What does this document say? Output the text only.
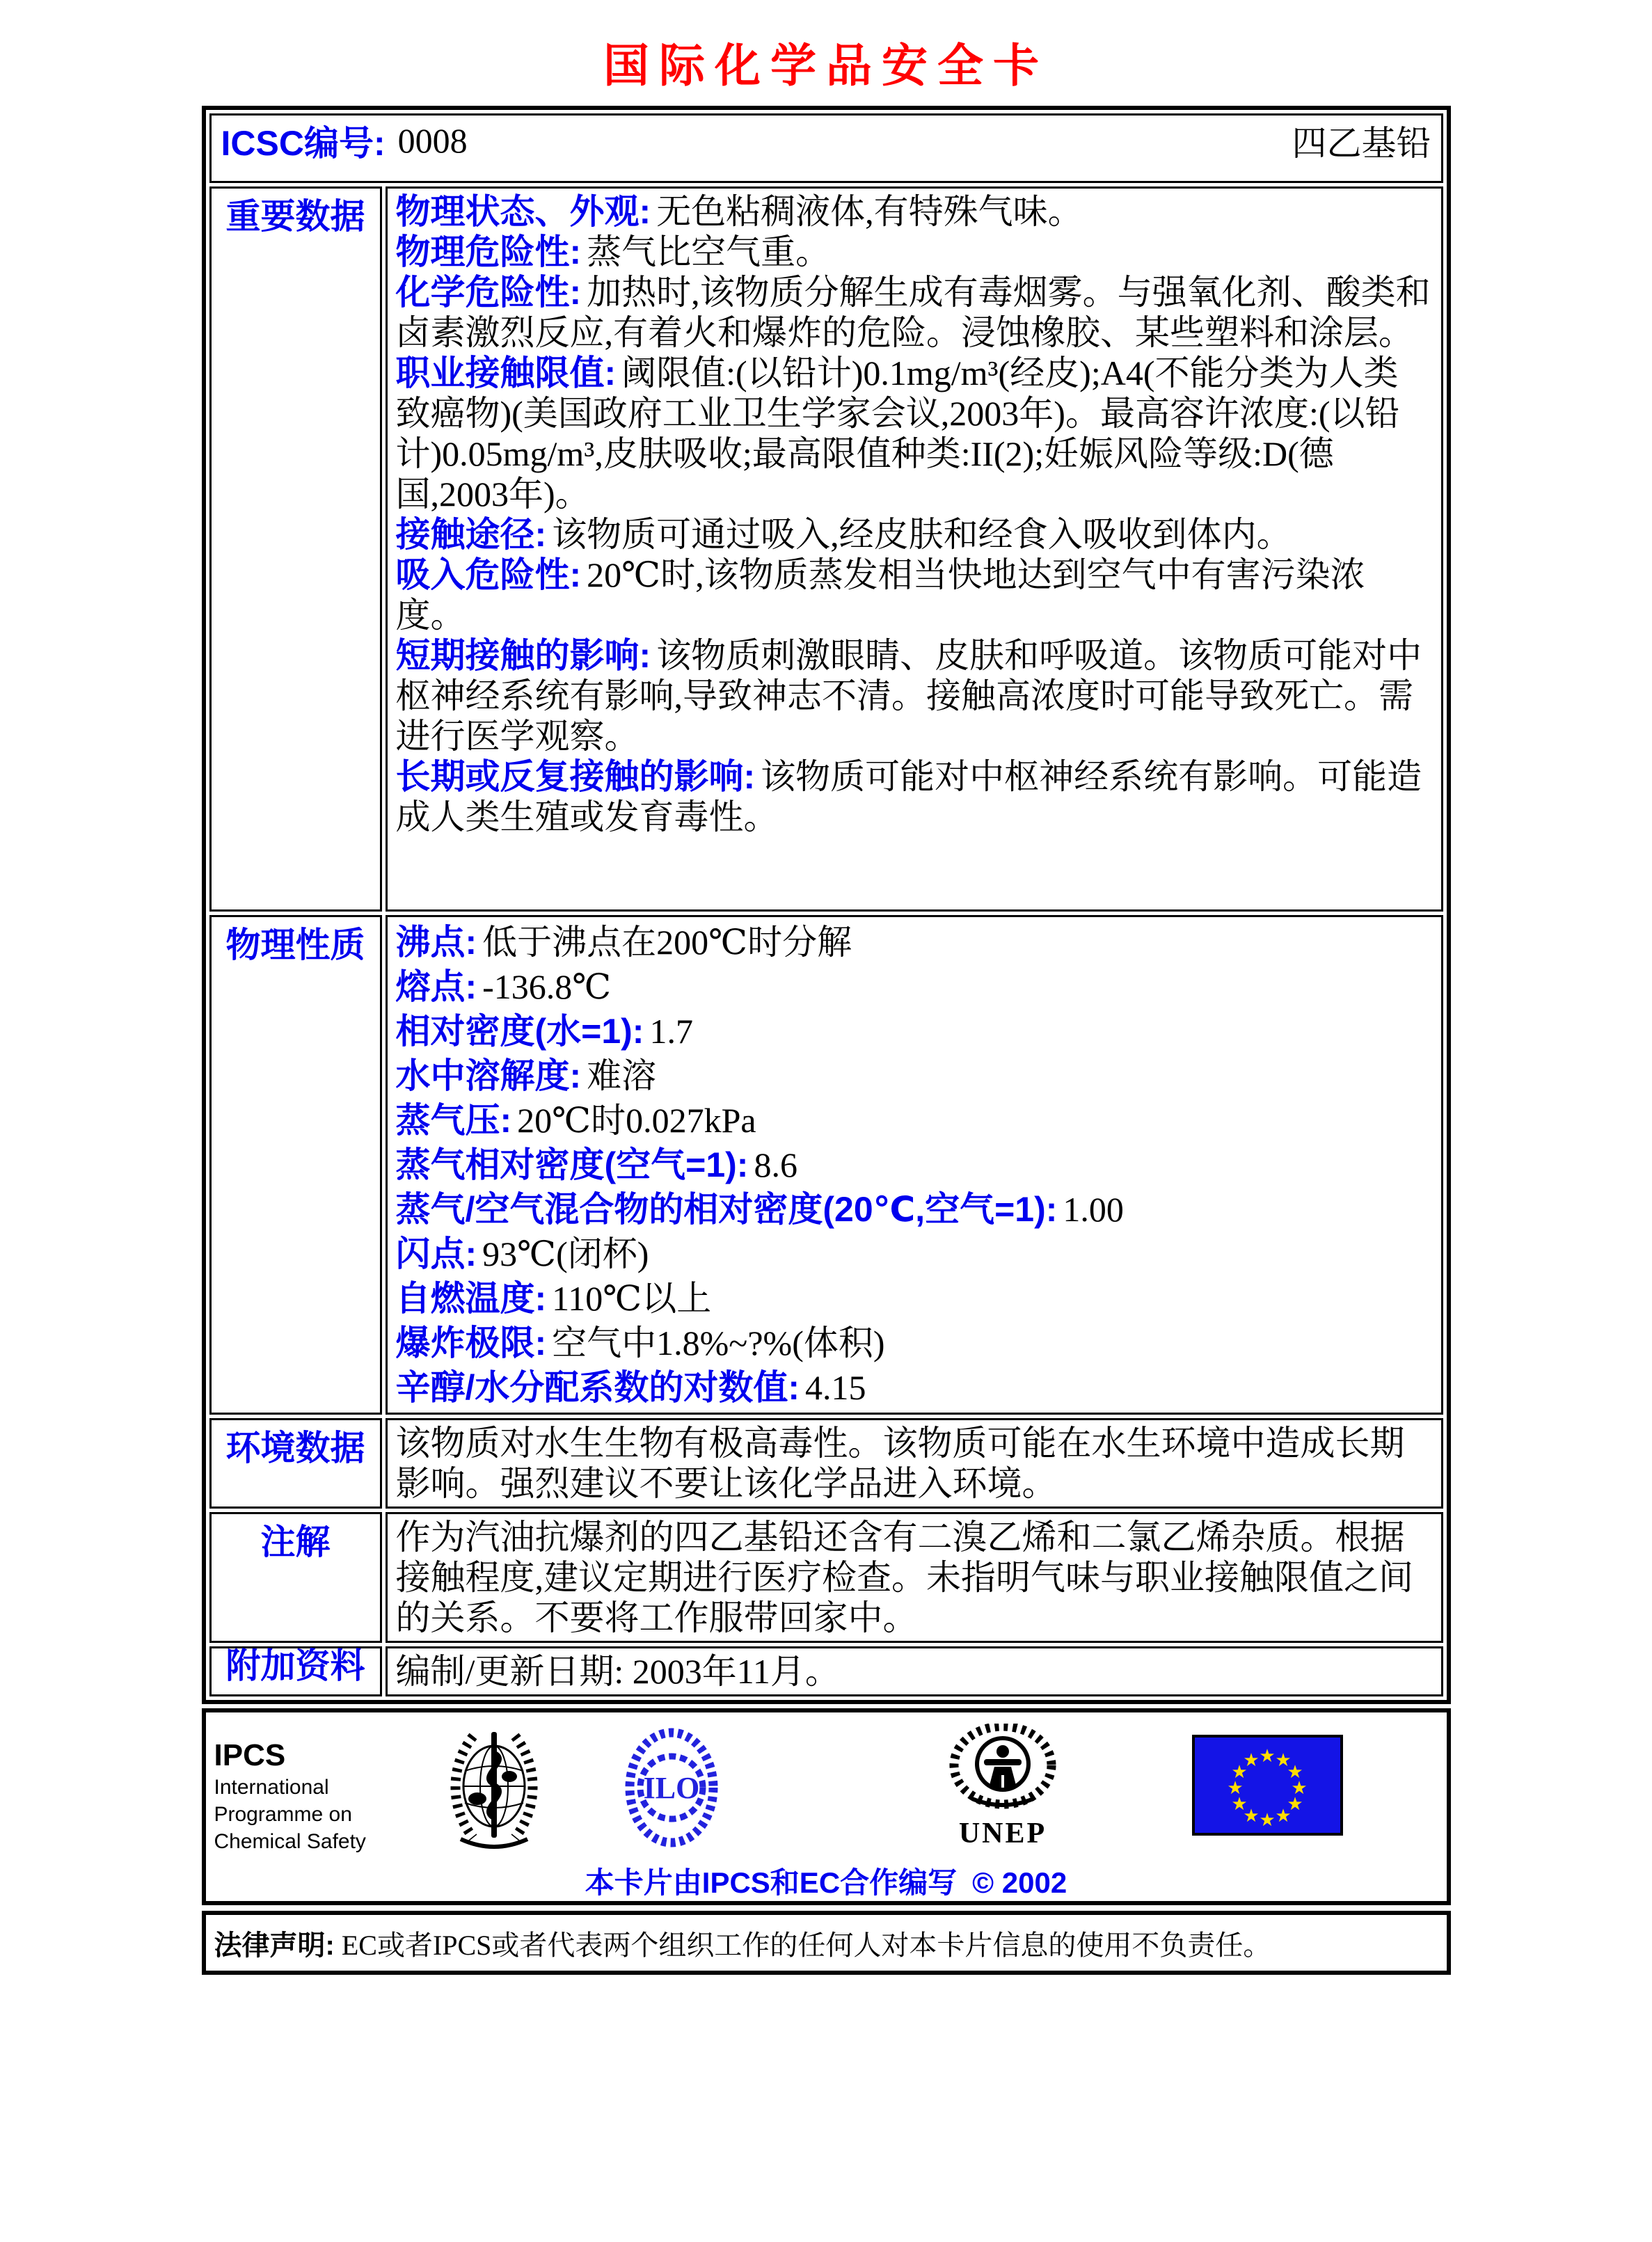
国际化学品安全卡
ICSC编号: 0008 四乙基铅	

重要数据	物理状态、外观: 无色粘稠液体,有特殊气味。
物理危险性: 蒸气比空气重。
化学危险性: 加热时,该物质分解生成有毒烟雾。与强氧化剂、酸类和卤素激烈反应,有着火和爆炸的危险。浸蚀橡胶、某些塑料和涂层。
职业接触限值: 阈限值:(以铅计)0.1mg/m³(经皮);A4(不能分类为人类致癌物)(美国政府工业卫生学家会议,2003年)。最高容许浓度:(以铅计)0.05mg/m³,皮肤吸收;最高限值种类:II(2);妊娠风险等级:D(德国,2003年)。
接触途径: 该物质可通过吸入,经皮肤和经食入吸收到体内。
吸入危险性: 20℃时,该物质蒸发相当快地达到空气中有害污染浓度。
短期接触的影响: 该物质刺激眼睛、皮肤和呼吸道。该物质可能对中枢神经系统有影响,导致神志不清。接触高浓度时可能导致死亡。需进行医学观察。
长期或反复接触的影响: 该物质可能对中枢神经系统有影响。可能造成人类生殖或发育毒性。

物理性质	沸点: 低于沸点在200℃时分解
熔点: -136.8℃
相对密度(水=1): 1.7
水中溶解度: 难溶
蒸气压: 20℃时0.027kPa
蒸气相对密度(空气=1): 8.6
蒸气/空气混合物的相对密度(20℃,空气=1): 1.00
闪点: 93℃(闭杯)
自燃温度: 110℃以上
爆炸极限: 空气中1.8%~?%(体积)
辛醇/水分配系数的对数值: 4.15

环境数据	该物质对水生生物有极高毒性。该物质可能在水生环境中造成长期影响。强烈建议不要让该化学品进入环境。
注解	作为汽油抗爆剂的四乙基铅还含有二溴乙烯和二氯乙烯杂质。根据接触程度,建议定期进行医疗检查。未指明气味与职业接触限值之间的关系。不要将工作服带回家中。
附加资料	编制/更新日期: 2003年11月。
IPCS
International
Programme on
Chemical Safety
ILO
UNEP
★ ★
★
★
★
★
★
★
★
★
★
★
本卡片由IPCS和EC合作编写 © 2002
法律声明: EC或者IPCS或者代表两个组织工作的任何人对本卡片信息的使用不负责任。
